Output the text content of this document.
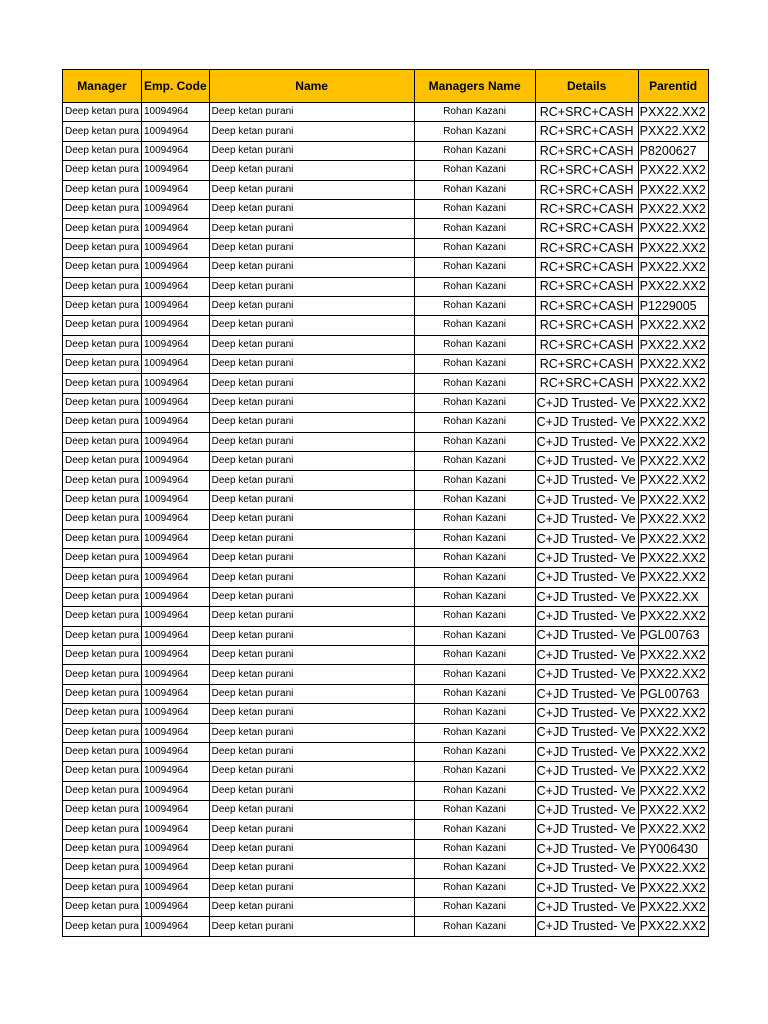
Manager	Emp. Code	Name	Managers Name	Details	Parentid
Deep ketan pura	10094964	Deep ketan purani	Rohan Kazani	RC+SRC+CASH	PXX22.XX2
Deep ketan pura	10094964	Deep ketan purani	Rohan Kazani	RC+SRC+CASH	PXX22.XX2
Deep ketan pura	10094964	Deep ketan purani	Rohan Kazani	RC+SRC+CASH	P8200627
Deep ketan pura	10094964	Deep ketan purani	Rohan Kazani	RC+SRC+CASH	PXX22.XX2
Deep ketan pura	10094964	Deep ketan purani	Rohan Kazani	RC+SRC+CASH	PXX22.XX2
Deep ketan pura	10094964	Deep ketan purani	Rohan Kazani	RC+SRC+CASH	PXX22.XX2
Deep ketan pura	10094964	Deep ketan purani	Rohan Kazani	RC+SRC+CASH	PXX22.XX2
Deep ketan pura	10094964	Deep ketan purani	Rohan Kazani	RC+SRC+CASH	PXX22.XX2
Deep ketan pura	10094964	Deep ketan purani	Rohan Kazani	RC+SRC+CASH	PXX22.XX2
Deep ketan pura	10094964	Deep ketan purani	Rohan Kazani	RC+SRC+CASH	PXX22.XX2
Deep ketan pura	10094964	Deep ketan purani	Rohan Kazani	RC+SRC+CASH	P1229005
Deep ketan pura	10094964	Deep ketan purani	Rohan Kazani	RC+SRC+CASH	PXX22.XX2
Deep ketan pura	10094964	Deep ketan purani	Rohan Kazani	RC+SRC+CASH	PXX22.XX2
Deep ketan pura	10094964	Deep ketan purani	Rohan Kazani	RC+SRC+CASH	PXX22.XX2
Deep ketan pura	10094964	Deep ketan purani	Rohan Kazani	RC+SRC+CASH	PXX22.XX2
Deep ketan pura	10094964	Deep ketan purani	Rohan Kazani	C+JD Trusted- Ve	PXX22.XX2
Deep ketan pura	10094964	Deep ketan purani	Rohan Kazani	C+JD Trusted- Ve	PXX22.XX2
Deep ketan pura	10094964	Deep ketan purani	Rohan Kazani	C+JD Trusted- Ve	PXX22.XX2
Deep ketan pura	10094964	Deep ketan purani	Rohan Kazani	C+JD Trusted- Ve	PXX22.XX2
Deep ketan pura	10094964	Deep ketan purani	Rohan Kazani	C+JD Trusted- Ve	PXX22.XX2
Deep ketan pura	10094964	Deep ketan purani	Rohan Kazani	C+JD Trusted- Ve	PXX22.XX2
Deep ketan pura	10094964	Deep ketan purani	Rohan Kazani	C+JD Trusted- Ve	PXX22.XX2
Deep ketan pura	10094964	Deep ketan purani	Rohan Kazani	C+JD Trusted- Ve	PXX22.XX2
Deep ketan pura	10094964	Deep ketan purani	Rohan Kazani	C+JD Trusted- Ve	PXX22.XX2
Deep ketan pura	10094964	Deep ketan purani	Rohan Kazani	C+JD Trusted- Ve	PXX22.XX2
Deep ketan pura	10094964	Deep ketan purani	Rohan Kazani	C+JD Trusted- Ve	PXX22.XX
Deep ketan pura	10094964	Deep ketan purani	Rohan Kazani	C+JD Trusted- Ve	PXX22.XX2
Deep ketan pura	10094964	Deep ketan purani	Rohan Kazani	C+JD Trusted- Ve	PGL00763
Deep ketan pura	10094964	Deep ketan purani	Rohan Kazani	C+JD Trusted- Ve	PXX22.XX2
Deep ketan pura	10094964	Deep ketan purani	Rohan Kazani	C+JD Trusted- Ve	PXX22.XX2
Deep ketan pura	10094964	Deep ketan purani	Rohan Kazani	C+JD Trusted- Ve	PGL00763
Deep ketan pura	10094964	Deep ketan purani	Rohan Kazani	C+JD Trusted- Ve	PXX22.XX2
Deep ketan pura	10094964	Deep ketan purani	Rohan Kazani	C+JD Trusted- Ve	PXX22.XX2
Deep ketan pura	10094964	Deep ketan purani	Rohan Kazani	C+JD Trusted- Ve	PXX22.XX2
Deep ketan pura	10094964	Deep ketan purani	Rohan Kazani	C+JD Trusted- Ve	PXX22.XX2
Deep ketan pura	10094964	Deep ketan purani	Rohan Kazani	C+JD Trusted- Ve	PXX22.XX2
Deep ketan pura	10094964	Deep ketan purani	Rohan Kazani	C+JD Trusted- Ve	PXX22.XX2
Deep ketan pura	10094964	Deep ketan purani	Rohan Kazani	C+JD Trusted- Ve	PXX22.XX2
Deep ketan pura	10094964	Deep ketan purani	Rohan Kazani	C+JD Trusted- Ve	PY006430
Deep ketan pura	10094964	Deep ketan purani	Rohan Kazani	C+JD Trusted- Ve	PXX22.XX2
Deep ketan pura	10094964	Deep ketan purani	Rohan Kazani	C+JD Trusted- Ve	PXX22.XX2
Deep ketan pura	10094964	Deep ketan purani	Rohan Kazani	C+JD Trusted- Ve	PXX22.XX2
Deep ketan pura	10094964	Deep ketan purani	Rohan Kazani	C+JD Trusted- Ve	PXX22.XX2
